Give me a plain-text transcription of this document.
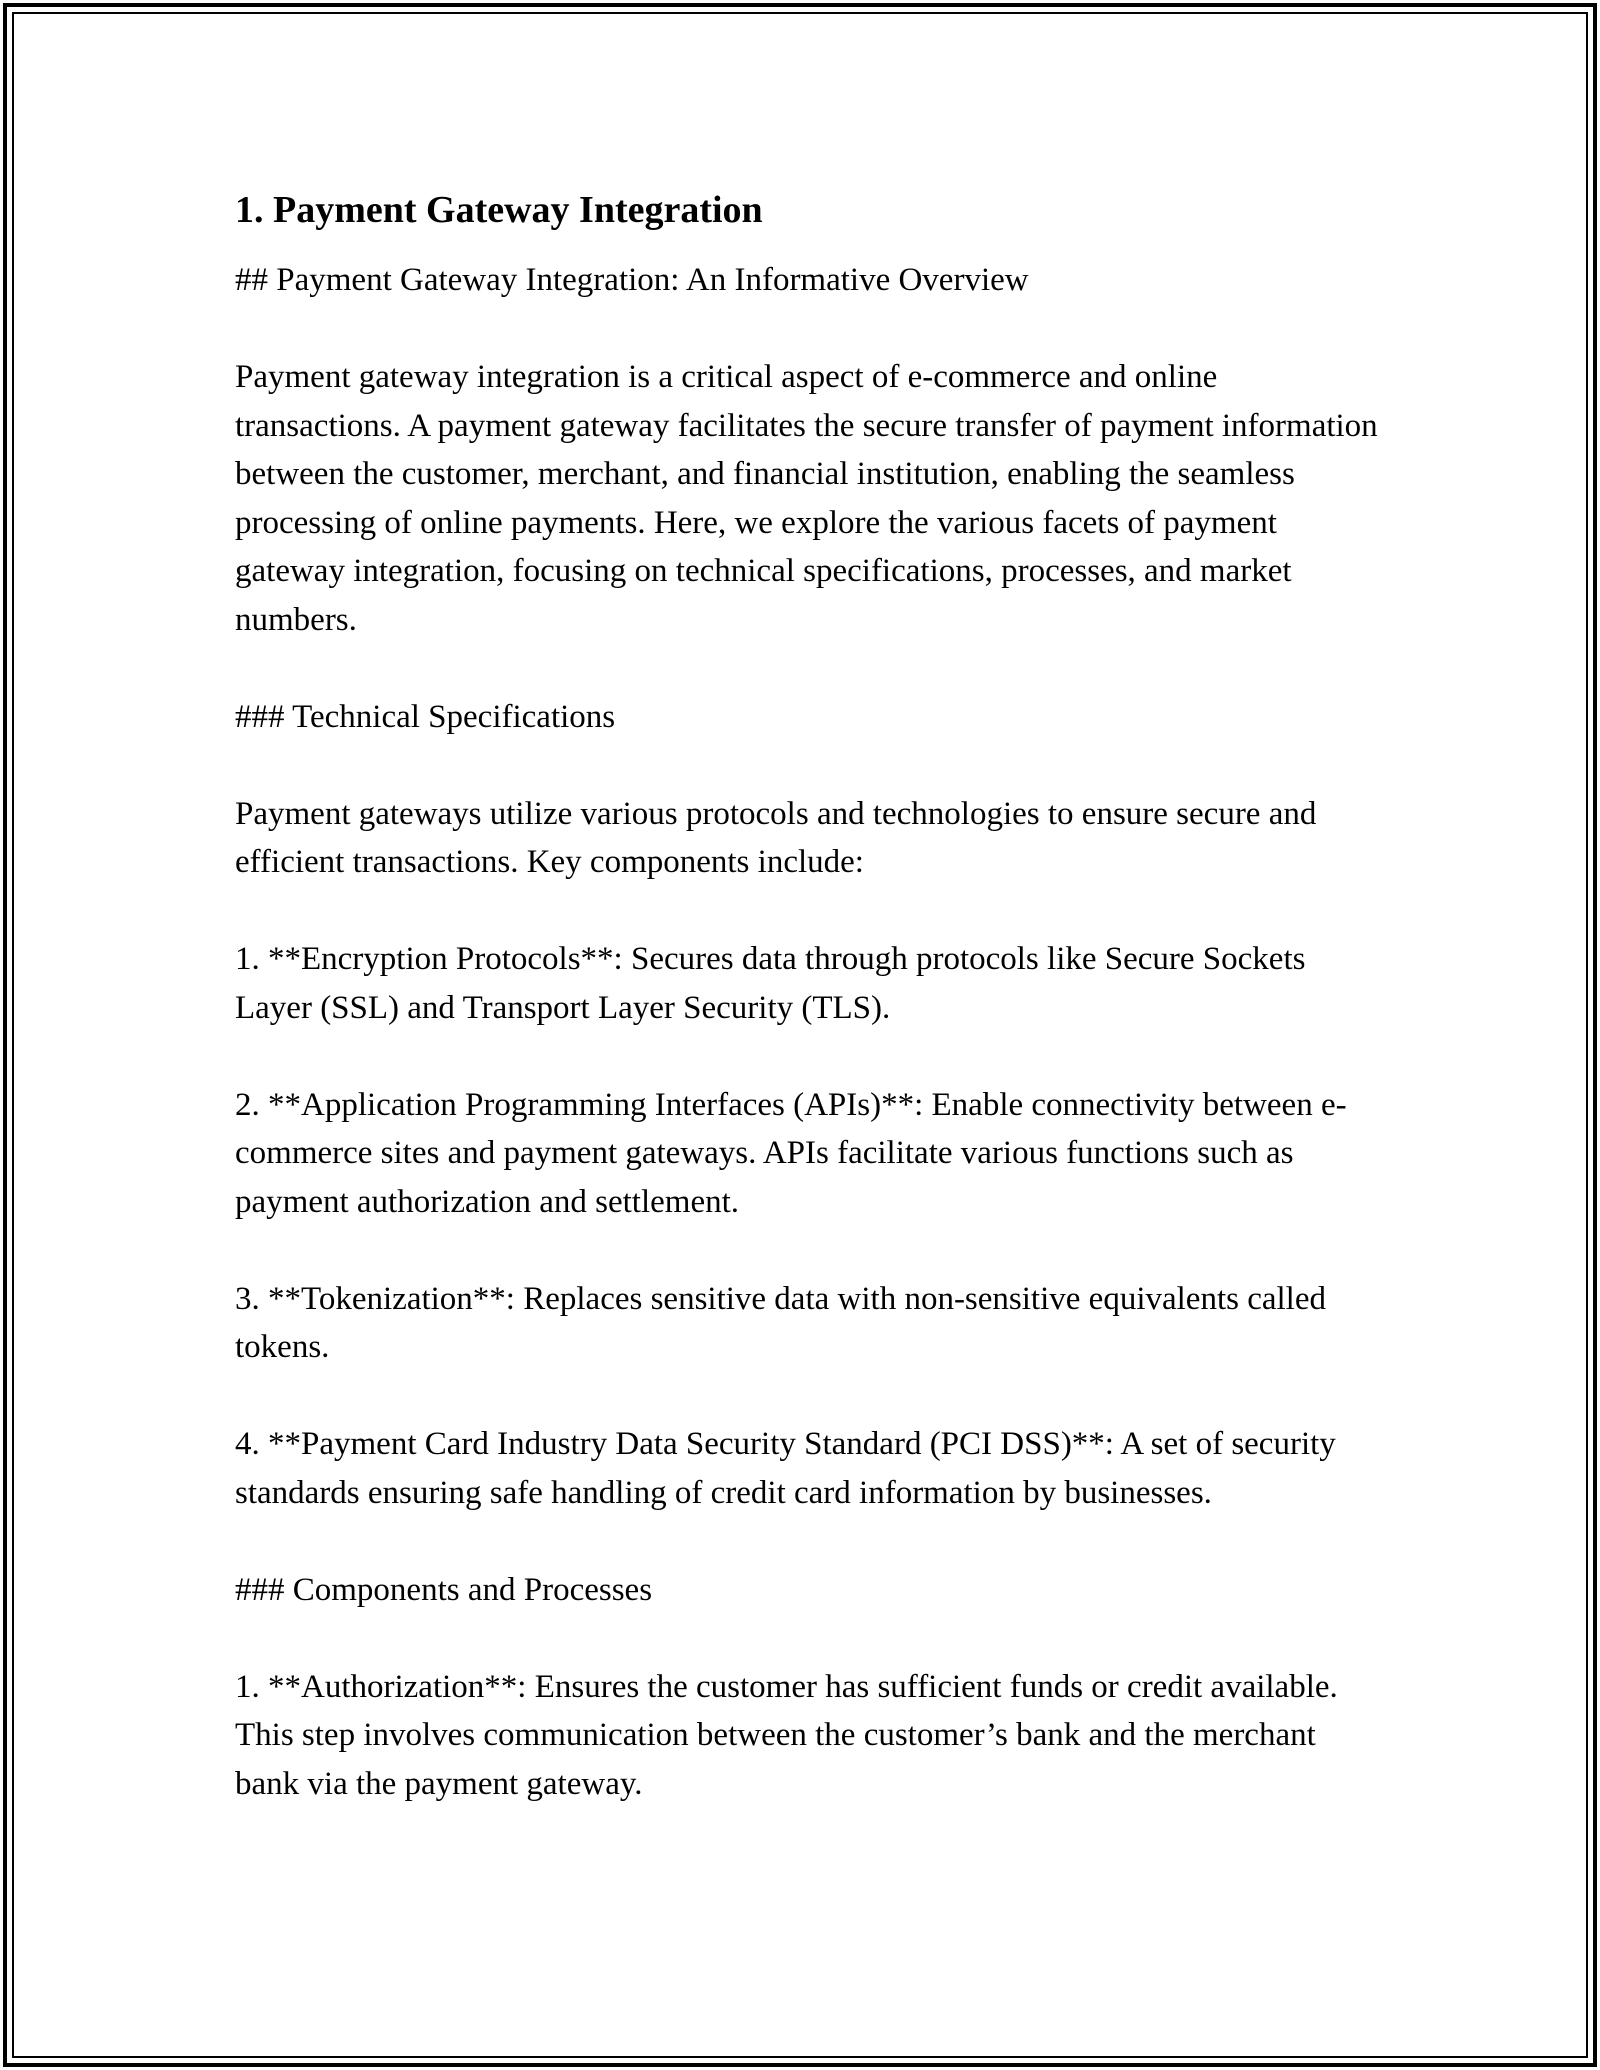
1. Payment Gateway Integration

## Payment Gateway Integration: An Informative Overview

Payment gateway integration is a critical aspect of e-commerce and online transactions. A payment gateway facilitates the secure transfer of payment information between the customer, merchant, and financial institution, enabling the seamless processing of online payments. Here, we explore the various facets of payment gateway integration, focusing on technical specifications, processes, and market numbers.

### Technical Specifications

Payment gateways utilize various protocols and technologies to ensure secure and efficient transactions. Key components include:

1. **Encryption Protocols**: Secures data through protocols like Secure Sockets Layer (SSL) and Transport Layer Security (TLS).

2. **Application Programming Interfaces (APIs)**: Enable connectivity between e-commerce sites and payment gateways. APIs facilitate various functions such as payment authorization and settlement.

3. **Tokenization**: Replaces sensitive data with non-sensitive equivalents called tokens.

4. **Payment Card Industry Data Security Standard (PCI DSS)**: A set of security standards ensuring safe handling of credit card information by businesses.

### Components and Processes

1. **Authorization**: Ensures the customer has sufficient funds or credit available. This step involves communication between the customer’s bank and the merchant bank via the payment gateway.
